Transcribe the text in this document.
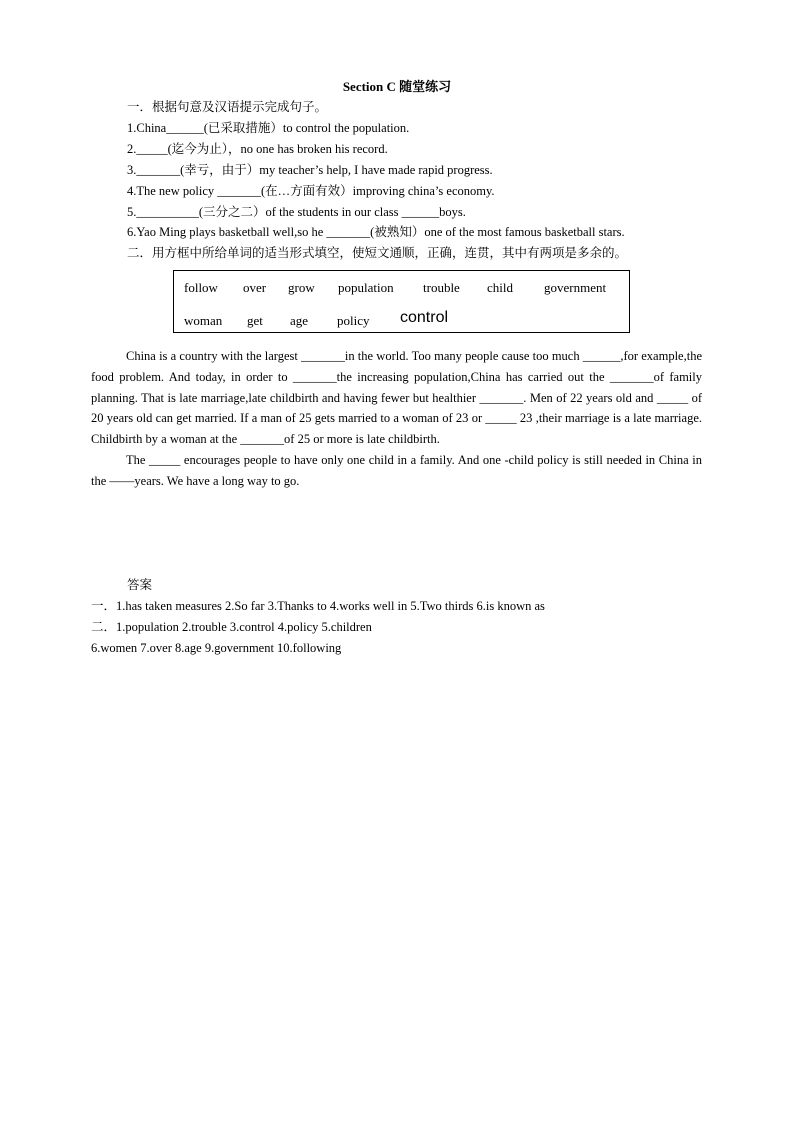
Section C 随堂练习
一．根据句意及汉语提示完成句子。
1.China______(已采取措施）to control the population.
2._____(迄今为止），no one has broken his record.
3._______(幸亏，由于）my teacher’s help, I have made rapid progress.
4.The new policy _______(在…方面有效）improving china’s economy.
5.__________(三分之二）of the students in our class ______boys.
6.Yao Ming plays basketball well,so he _______(被熟知）one of the most famous basketball stars.
二．用方框中所给单词的适当形式填空，使短文通顺，正确，连贯，其中有两项是多余的。
follow over grow population trouble child government
woman get age policy control

China is a country with the largest _______in the world. Too many people cause too much ______,for example,the food problem. And today, in order to _______the increasing population,China has carried out the _______of family planning. That is late marriage,late childbirth and having fewer but healthier _______. Men of 22 years old and _____ of 20 years old can get married. If a man of 25 gets married to a woman of 23 or _____ 23 ,their marriage is a late marriage. Childbirth by a woman at the _______of 25 or more is late childbirth.

The _____ encourages people to have only one child in a family. And one -child policy is still needed in China in the ——years. We have a long way to go.

答案
一．1.has taken measures 2.So far 3.Thanks to 4.works well in 5.Two thirds 6.is known as
二．1.population 2.trouble 3.control 4.policy 5.children
6.women 7.over 8.age 9.government 10.following
